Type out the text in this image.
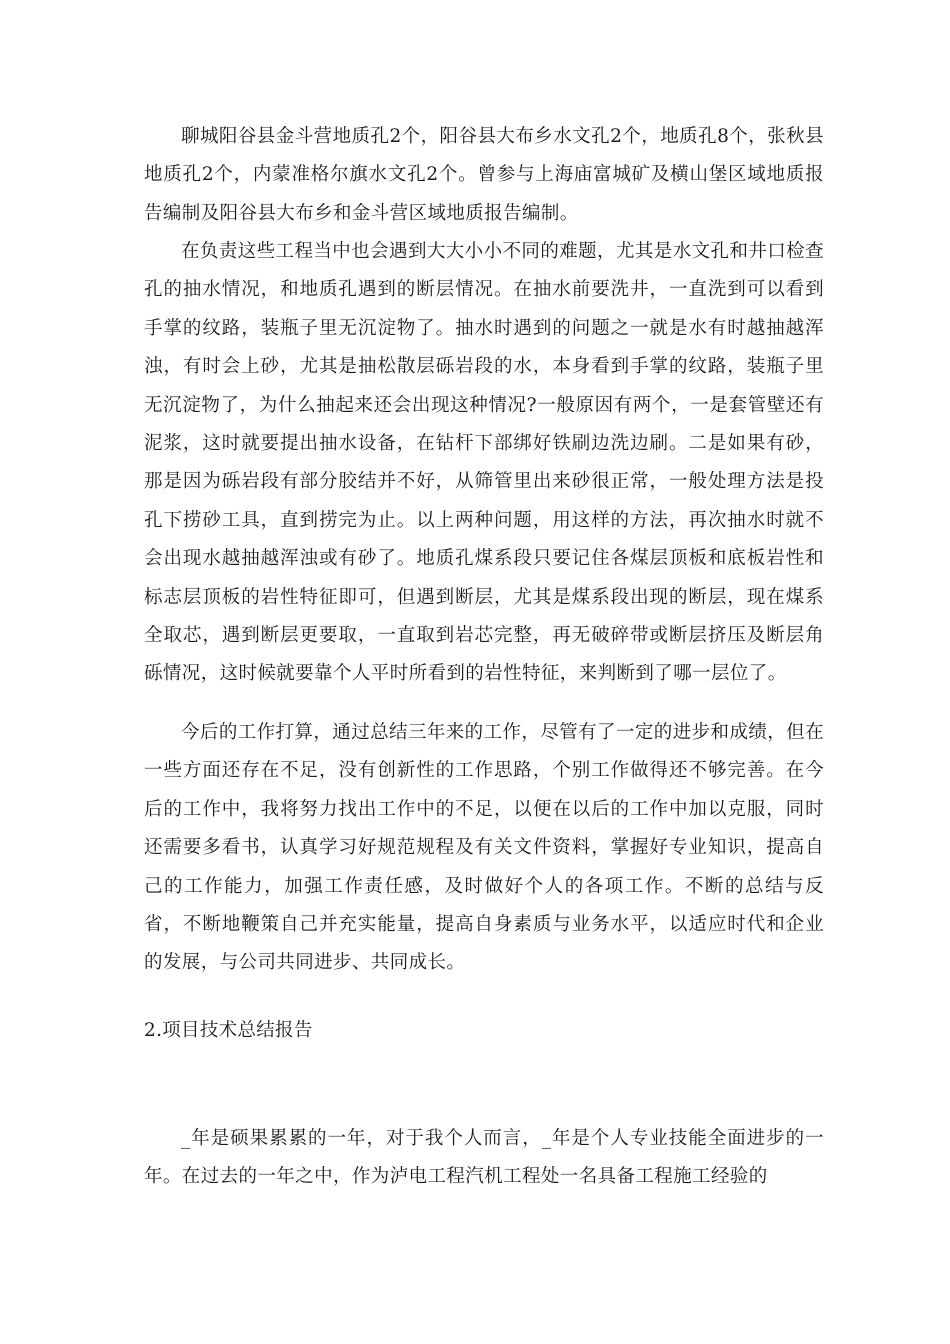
聊城阳谷县金斗营地质孔2个，阳谷县大布乡水文孔2个，地质孔8个，张秋县地质孔2个，内蒙准格尔旗水文孔2个。曾参与上海庙富城矿及横山堡区域地质报告编制及阳谷县大布乡和金斗营区域地质报告编制。

在负责这些工程当中也会遇到大大小小不同的难题，尤其是水文孔和井口检查孔的抽水情况，和地质孔遇到的断层情况。在抽水前要洗井，一直洗到可以看到手掌的纹路，装瓶子里无沉淀物了。抽水时遇到的问题之一就是水有时越抽越浑浊，有时会上砂，尤其是抽松散层砾岩段的水，本身看到手掌的纹路，装瓶子里无沉淀物了，为什么抽起来还会出现这种情况?一般原因有两个，一是套管壁还有泥浆，这时就要提出抽水设备，在钻杆下部绑好铁刷边洗边刷。二是如果有砂，那是因为砾岩段有部分胶结并不好，从筛管里出来砂很正常，一般处理方法是投孔下捞砂工具，直到捞完为止。以上两种问题，用这样的方法，再次抽水时就不会出现水越抽越浑浊或有砂了。地质孔煤系段只要记住各煤层顶板和底板岩性和标志层顶板的岩性特征即可，但遇到断层，尤其是煤系段出现的断层，现在煤系全取芯，遇到断层更要取，一直取到岩芯完整，再无破碎带或断层挤压及断层角砾情况，这时候就要靠个人平时所看到的岩性特征，来判断到了哪一层位了。

今后的工作打算，通过总结三年来的工作，尽管有了一定的进步和成绩，但在一些方面还存在不足，没有创新性的工作思路，个别工作做得还不够完善。在今后的工作中，我将努力找出工作中的不足，以便在以后的工作中加以克服，同时还需要多看书，认真学习好规范规程及有关文件资料，掌握好专业知识，提高自己的工作能力，加强工作责任感，及时做好个人的各项工作。不断的总结与反省，不断地鞭策自己并充实能量，提高自身素质与业务水平，以适应时代和企业的发展，与公司共同进步、共同成长。

2.项目技术总结报告

_年是硕果累累的一年，对于我个人而言，_年是个人专业技能全面进步的一年。在过去的一年之中，作为泸电工程汽机工程处一名具备工程施工经验的
